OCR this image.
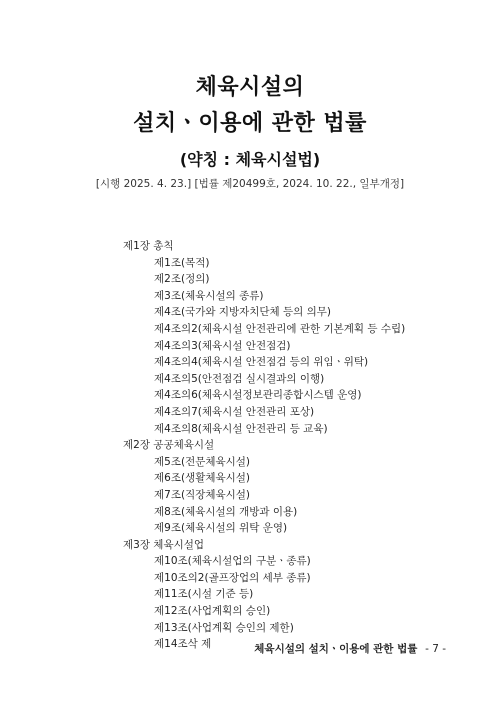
체육시설의
설치ㆍ이용에 관한 법률
(약칭 : 체육시설법)
[시행 2025. 4. 23.] [법률 제20499호, 2024. 10. 22., 일부개정]
제1장 총칙
제1조(목적)
제2조(정의)
제3조(체육시설의 종류)
제4조(국가와 지방자치단체 등의 의무)
제4조의2(체육시설 안전관리에 관한 기본계획 등 수립)
제4조의3(체육시설 안전점검)
제4조의4(체육시설 안전점검 등의 위임ㆍ위탁)
제4조의5(안전점검 실시결과의 이행)
제4조의6(체육시설정보관리종합시스템 운영)
제4조의7(체육시설 안전관리 포상)
제4조의8(체육시설 안전관리 등 교육)
제2장 공공체육시설
제5조(전문체육시설)
제6조(생활체육시설)
제7조(직장체육시설)
제8조(체육시설의 개방과 이용)
제9조(체육시설의 위탁 운영)
제3장 체육시설업
제10조(체육시설업의 구분ㆍ종류)
제10조의2(골프장업의 세부 종류)
제11조(시설 기준 등)
제12조(사업계획의 승인)
제13조(사업계획 승인의 제한)
제14조삭 제	체육시설의 설치ㆍ이용에 관한 법률 - 7 -
